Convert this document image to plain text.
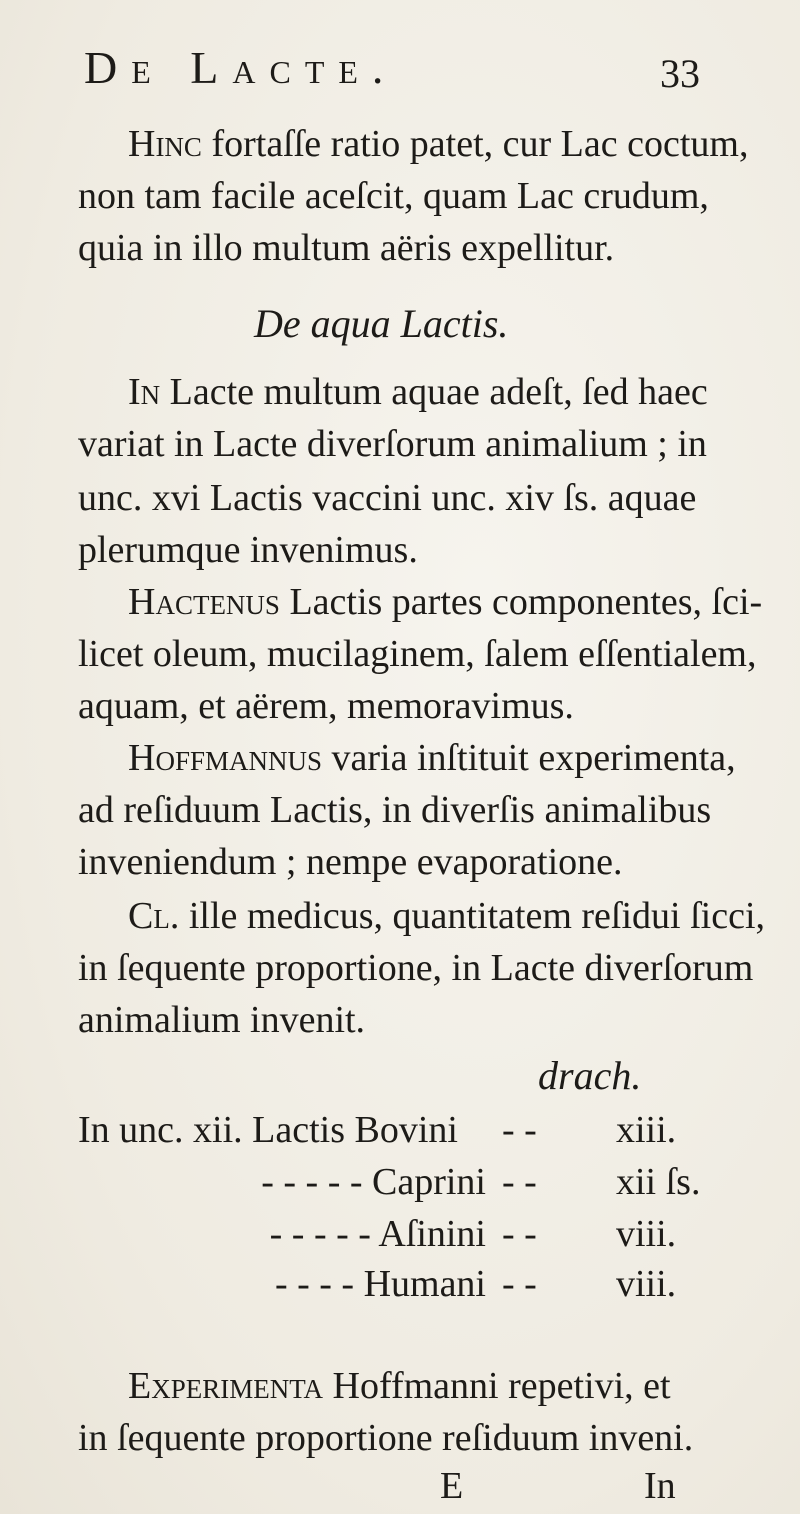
De Lacte.	33
Hinc fortaſſe ratio patet, cur Lac coctum,
non tam facile aceſcit, quam Lac crudum,
quia in illo multum aëris expellitur.
De aqua Lactis.
In Lacte multum aquae adeſt, ſed haec
variat in Lacte diverſorum animalium ; in
unc. xvi Lactis vaccini unc. xiv ſs. aquae
plerumque invenimus.
Hactenus Lactis partes componentes, ſci-
licet oleum, mucilaginem, ſalem eſſentialem,
aquam, et aërem, memoravimus.
Hoffmannus varia inſtituit experimenta,
ad reſiduum Lactis, in diverſis animalibus
inveniendum ; nempe evaporatione.
Cl. ille medicus, quantitatem reſidui ſicci,
in ſequente proportione, in Lacte diverſorum
animalium invenit.
drach.
In unc. xii. Lactis Bovini - - xiii.
- - - - - Caprini - - xii ſs.
- - - - - Aſinini - - viii.
- - - - Humani - - viii.
Experimenta Hoffmanni repetivi, et
in ſequente proportione reſiduum inveni.
E	In
